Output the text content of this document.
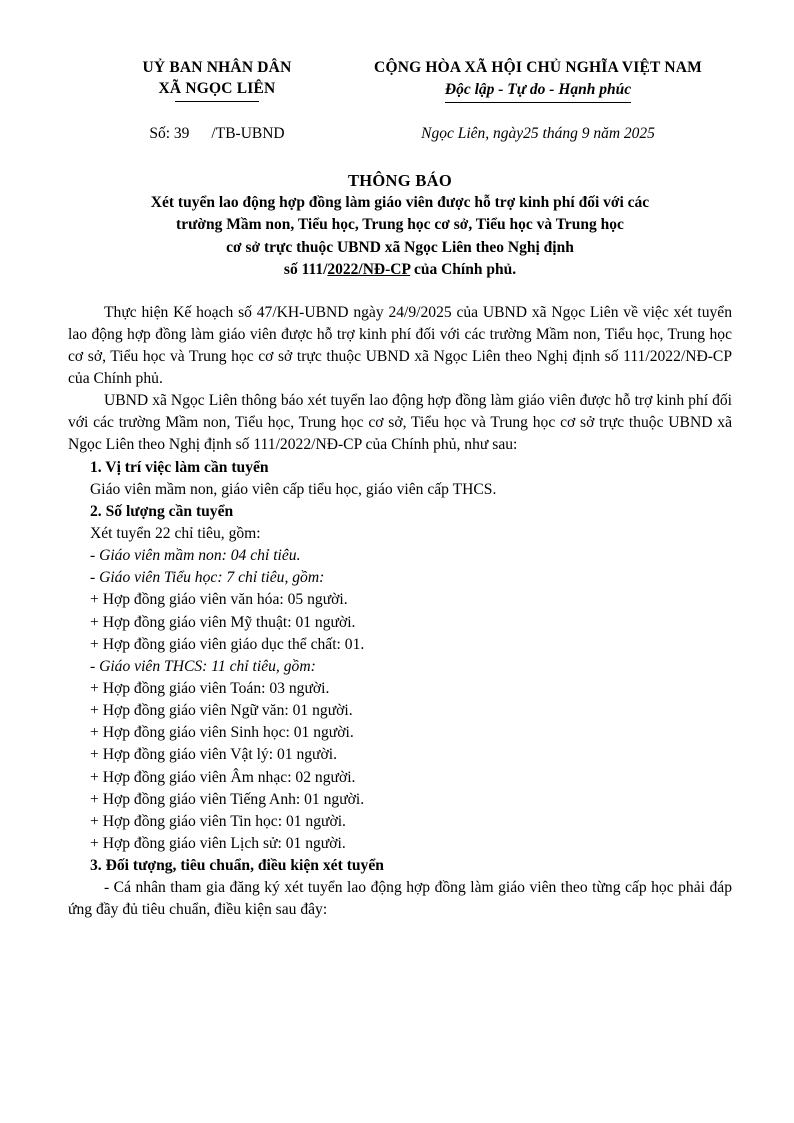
UỶ BAN NHÂN DÂN
XÃ NGỌC LIÊN
CỘNG HÒA XÃ HỘI CHỦ NGHĨA VIỆT NAM
Độc lập - Tự do - Hạnh phúc
Số: 39 /TB-UBND	Ngọc Liên, ngày25 tháng 9 năm 2025
THÔNG BÁO
Xét tuyển lao động hợp đồng làm giáo viên được hỗ trợ kinh phí đối với các
trường Mầm non, Tiểu học, Trung học cơ sở, Tiểu học và Trung học
cơ sở trực thuộc UBND xã Ngọc Liên theo Nghị định
số 111/2022/NĐ-CP của Chính phủ.

Thực hiện Kế hoạch số 47/KH-UBND ngày 24/9/2025 của UBND xã Ngọc Liên về việc xét tuyển lao động hợp đồng làm giáo viên được hỗ trợ kinh phí đối với các trường Mầm non, Tiểu học, Trung học cơ sở, Tiểu học và Trung học cơ sở trực thuộc UBND xã Ngọc Liên theo Nghị định số 111/2022/NĐ-CP của Chính phủ.

UBND xã Ngọc Liên thông báo xét tuyển lao động hợp đồng làm giáo viên được hỗ trợ kinh phí đối với các trường Mầm non, Tiểu học, Trung học cơ sở, Tiểu học và Trung học cơ sở trực thuộc UBND xã Ngọc Liên theo Nghị định số 111/2022/NĐ-CP của Chính phủ, như sau:

1. Vị trí việc làm cần tuyển

Giáo viên mầm non, giáo viên cấp tiểu học, giáo viên cấp THCS.

2. Số lượng cần tuyển

Xét tuyển 22 chỉ tiêu, gồm:

- Giáo viên mầm non: 04 chỉ tiêu.

- Giáo viên Tiểu học: 7 chỉ tiêu, gồm:

+ Hợp đồng giáo viên văn hóa: 05 người.

+ Hợp đồng giáo viên Mỹ thuật: 01 người.

+ Hợp đồng giáo viên giáo dục thể chất: 01.

- Giáo viên THCS: 11 chỉ tiêu, gồm:

+ Hợp đồng giáo viên Toán: 03 người.

+ Hợp đồng giáo viên Ngữ văn: 01 người.

+ Hợp đồng giáo viên Sinh học: 01 người.

+ Hợp đồng giáo viên Vật lý: 01 người.

+ Hợp đồng giáo viên Âm nhạc: 02 người.

+ Hợp đồng giáo viên Tiếng Anh: 01 người.

+ Hợp đồng giáo viên Tin học: 01 người.

+ Hợp đồng giáo viên Lịch sử: 01 người.

3. Đối tượng, tiêu chuẩn, điều kiện xét tuyển

- Cá nhân tham gia đăng ký xét tuyển lao động hợp đồng làm giáo viên theo từng cấp học phải đáp ứng đầy đủ tiêu chuẩn, điều kiện sau đây:
